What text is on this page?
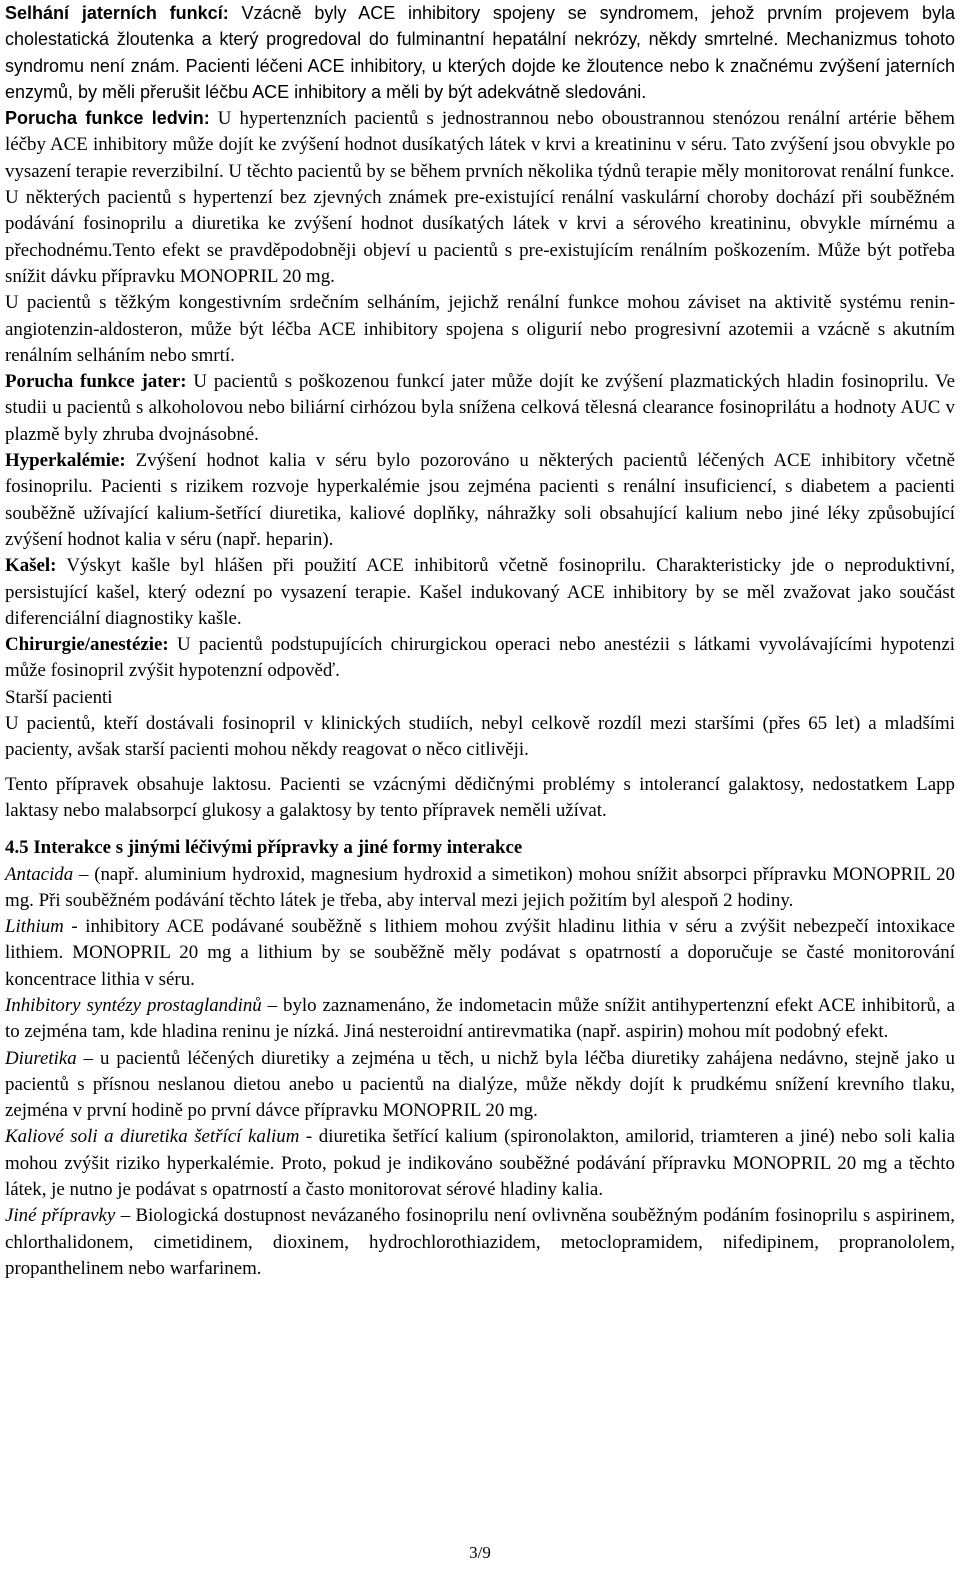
Selhání jaterních funkcí: Vzácně byly ACE inhibitory spojeny se syndromem, jehož prvním projevem byla cholestatická žloutenka a který progredoval do fulminantní hepatální nekrózy, někdy smrtelné. Mechanizmus tohoto syndromu není znám. Pacienti léčeni ACE inhibitory, u kterých dojde ke žloutence nebo k značnému zvýšení jaterních enzymů, by měli přerušit léčbu ACE inhibitory a měli by být adekvátně sledováni.

Porucha funkce ledvin: U hypertenzních pacientů s jednostrannou nebo oboustrannou stenózou renální artérie během léčby ACE inhibitory může dojít ke zvýšení hodnot dusíkatých látek v krvi a kreatininu v séru. Tato zvýšení jsou obvykle po vysazení terapie reverzibilní. U těchto pacientů by se během prvních několika týdnů terapie měly monitorovat renální funkce.

U některých pacientů s hypertenzí bez zjevných známek pre-existující renální vaskulární choroby dochází při souběžném podávání fosinoprilu a diuretika ke zvýšení hodnot dusíkatých látek v krvi a sérového kreatininu, obvykle mírnému a přechodnému.Tento efekt se pravděpodobněji objeví u pacientů s pre-existujícím renálním poškozením. Může být potřeba snížit dávku přípravku MONOPRIL 20 mg.

U pacientů s těžkým kongestivním srdečním selháním, jejichž renální funkce mohou záviset na aktivitě systému renin-angiotenzin-aldosteron, může být léčba ACE inhibitory spojena s oligurií nebo progresivní azotemii a vzácně s akutním renálním selháním nebo smrtí.

Porucha funkce jater: U pacientů s poškozenou funkcí jater může dojít ke zvýšení plazmatických hladin fosinoprilu. Ve studii u pacientů s alkoholovou nebo biliární cirhózou byla snížena celková tělesná clearance fosinoprilátu a hodnoty AUC v plazmě byly zhruba dvojnásobné.

Hyperkalémie: Zvýšení hodnot kalia v séru bylo pozorováno u některých pacientů léčených ACE inhibitory včetně fosinoprilu. Pacienti s rizikem rozvoje hyperkalémie jsou zejména pacienti s renální insuficiencí, s diabetem a pacienti souběžně užívající kalium-šetřící diuretika, kaliové doplňky, náhražky soli obsahující kalium nebo jiné léky způsobující zvýšení hodnot kalia v séru (např. heparin).

Kašel: Výskyt kašle byl hlášen při použití ACE inhibitorů včetně fosinoprilu. Charakteristicky jde o neproduktivní, persistující kašel, který odezní po vysazení terapie. Kašel indukovaný ACE inhibitory by se měl zvažovat jako součást diferenciální diagnostiky kašle.

Chirurgie/anestézie: U pacientů podstupujících chirurgickou operaci nebo anestézii s látkami vyvolávajícími hypotenzi může fosinopril zvýšit hypotenzní odpověď.

Starší pacienti

U pacientů, kteří dostávali fosinopril v klinických studiích, nebyl celkově rozdíl mezi staršími (přes 65 let) a mladšími pacienty, avšak starší pacienti mohou někdy reagovat o něco citlivěji.

Tento přípravek obsahuje laktosu. Pacienti se vzácnými dědičnými problémy s intolerancí galaktosy, nedostatkem Lapp laktasy nebo malabsorpcí glukosy a galaktosy by tento přípravek neměli užívat.

4.5 Interakce s jinými léčivými přípravky a jiné formy interakce

Antacida – (např. aluminium hydroxid, magnesium hydroxid a simetikon) mohou snížit absorpci přípravku MONOPRIL 20 mg. Při souběžném podávání těchto látek je třeba, aby interval mezi jejich požitím byl alespoň 2 hodiny.

Lithium - inhibitory ACE podávané souběžně s lithiem mohou zvýšit hladinu lithia v séru a zvýšit nebezpečí intoxikace lithiem. MONOPRIL 20 mg a lithium by se souběžně měly podávat s opatrností a doporučuje se časté monitorování koncentrace lithia v séru.

Inhibitory syntézy prostaglandinů – bylo zaznamenáno, že indometacin může snížit antihypertenzní efekt ACE inhibitorů, a to zejména tam, kde hladina reninu je nízká. Jiná nesteroidní antirevmatika (např. aspirin) mohou mít podobný efekt.

Diuretika – u pacientů léčených diuretiky a zejména u těch, u nichž byla léčba diuretiky zahájena nedávno, stejně jako u pacientů s přísnou neslanou dietou anebo u pacientů na dialýze, může někdy dojít k prudkému snížení krevního tlaku, zejména v první hodině po první dávce přípravku MONOPRIL 20 mg.

Kaliové soli a diuretika šetřící kalium - diuretika šetřící kalium (spironolakton, amilorid, triamteren a jiné) nebo soli kalia mohou zvýšit riziko hyperkalémie. Proto, pokud je indikováno souběžné podávání přípravku MONOPRIL 20 mg a těchto látek, je nutno je podávat s opatrností a často monitorovat sérové hladiny kalia.

Jiné přípravky – Biologická dostupnost nevázaného fosinoprilu není ovlivněna souběžným podáním fosinoprilu s aspirinem, chlorthalidonem, cimetidinem, dioxinem, hydrochlorothiazidem, metoclopramidem, nifedipinem, propranololem, propanthelinem nebo warfarinem.

3/9
